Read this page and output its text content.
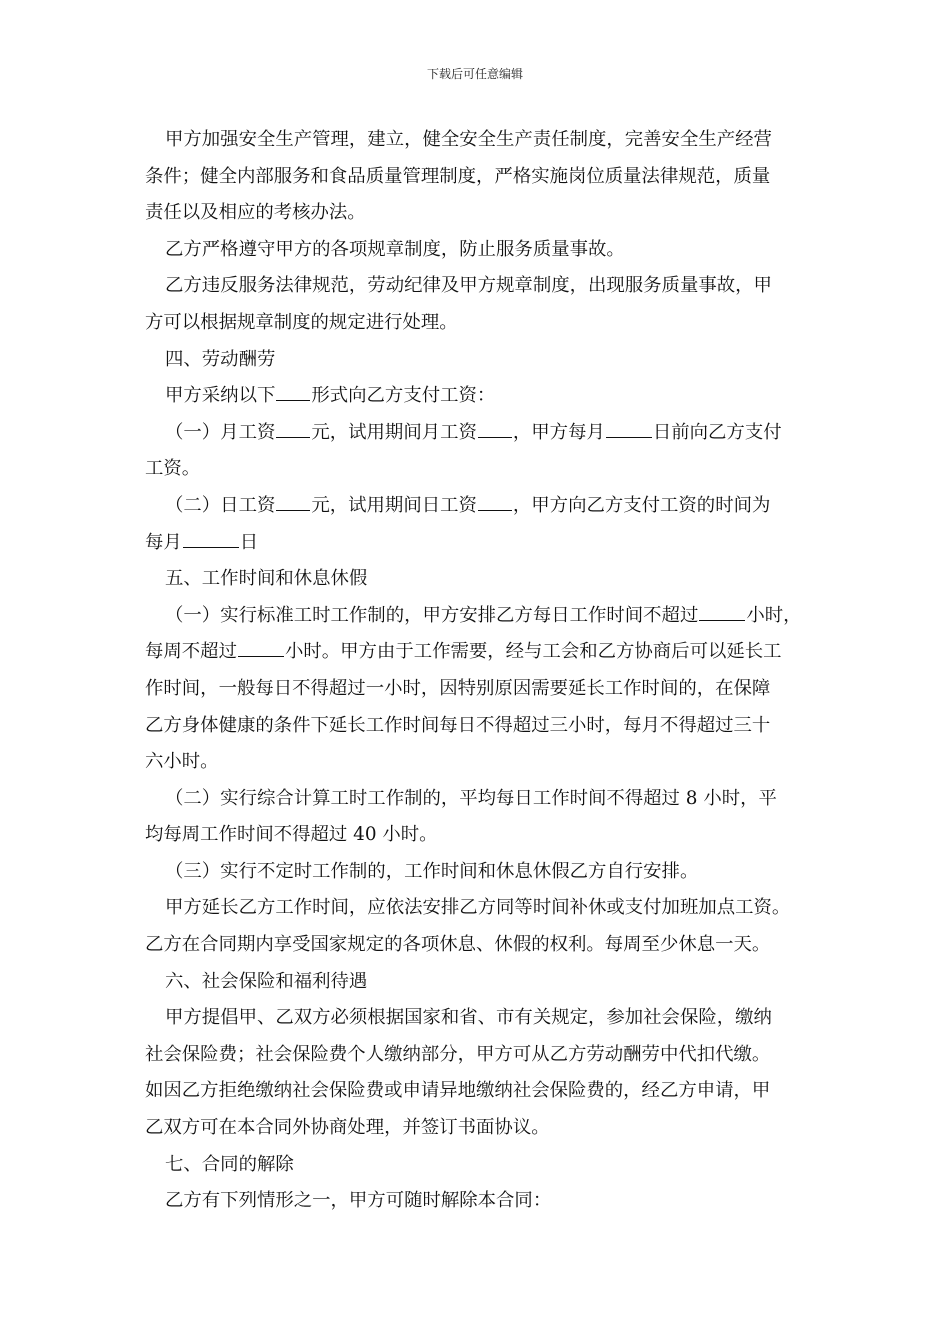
下载后可任意编辑
甲方加强安全生产管理，建立，健全安全生产责任制度，完善安全生产经营
条件；健全内部服务和食品质量管理制度，严格实施岗位质量法律规范，质量
责任以及相应的考核办法。
乙方严格遵守甲方的各项规章制度，防止服务质量事故。
乙方违反服务法律规范，劳动纪律及甲方规章制度，出现服务质量事故，甲
方可以根据规章制度的规定进行处理。
四、劳动酬劳
甲方采纳以下 形式向乙方支付工资：
（一）月工资 元，试用期间月工资 ，甲方每月	日前向乙方支付
工资。
（二）日工资 元，试用期间日工资 ，甲方向乙方支付工资的时间为
每月	日
五、工作时间和休息休假
（一）实行标准工时工作制的，甲方安排乙方每日工作时间不超过	小时，
每周不超过	小时。甲方由于工作需要，经与工会和乙方协商后可以延长工
作时间，一般每日不得超过一小时，因特别原因需要延长工作时间的，在保障
乙方身体健康的条件下延长工作时间每日不得超过三小时，每月不得超过三十
六小时。
（二）实行综合计算工时工作制的，平均每日工作时间不得超过 8 小时，平
均每周工作时间不得超过 40 小时。
（三）实行不定时工作制的，工作时间和休息休假乙方自行安排。
甲方延长乙方工作时间，应依法安排乙方同等时间补休或支付加班加点工资。
乙方在合同期内享受国家规定的各项休息、休假的权利。每周至少休息一天。
六、社会保险和福利待遇
甲方提倡甲、乙双方必须根据国家和省、市有关规定，参加社会保险，缴纳
社会保险费；社会保险费个人缴纳部分，甲方可从乙方劳动酬劳中代扣代缴。
如因乙方拒绝缴纳社会保险费或申请异地缴纳社会保险费的，经乙方申请，甲
乙双方可在本合同外协商处理，并签订书面协议。
七、合同的解除
乙方有下列情形之一，甲方可随时解除本合同：
